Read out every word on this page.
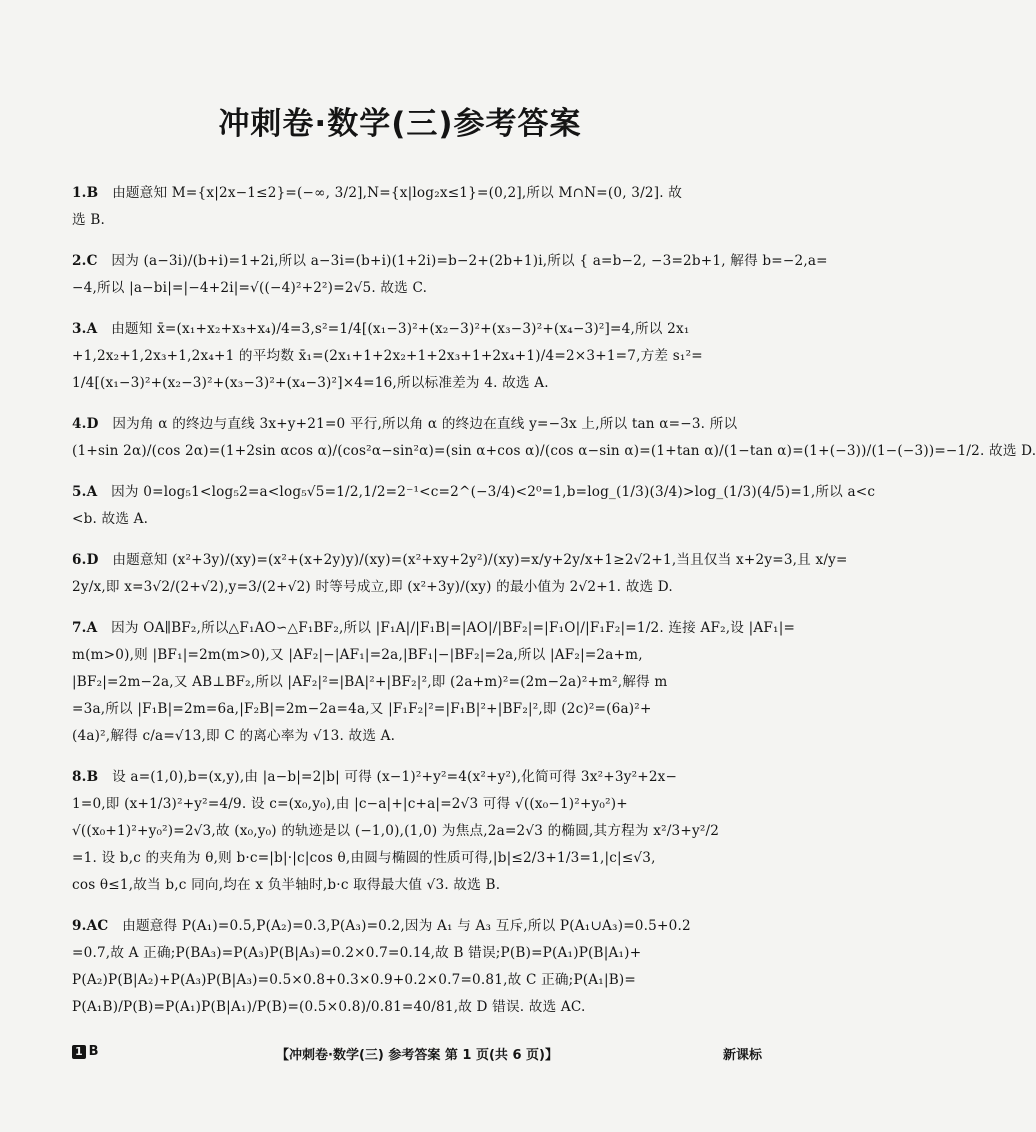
冲刺卷·数学(三)参考答案
1.B  由题意知 M={x|2x−1≤2}=(−∞, 3/2],N={x|log₂x≤1}=(0,2],所以 M∩N=(0, 3/2]. 故
选 B.
2.C  因为 (a−3i)/(b+i)=1+2i,所以 a−3i=(b+i)(1+2i)=b−2+(2b+1)i,所以 { a=b−2, −3=2b+1, 解得 b=−2,a=
−4,所以 |a−bi|=|−4+2i|=√((−4)²+2²)=2√5. 故选 C.
3.A  由题知 x̄=(x₁+x₂+x₃+x₄)/4=3,s²=1/4[(x₁−3)²+(x₂−3)²+(x₃−3)²+(x₄−3)²]=4,所以 2x₁
+1,2x₂+1,2x₃+1,2x₄+1 的平均数 x̄₁=(2x₁+1+2x₂+1+2x₃+1+2x₄+1)/4=2×3+1=7,方差 s₁²=
1/4[(x₁−3)²+(x₂−3)²+(x₃−3)²+(x₄−3)²]×4=16,所以标准差为 4. 故选 A.
4.D  因为角 α 的终边与直线 3x+y+21=0 平行,所以角 α 的终边在直线 y=−3x 上,所以 tan α=−3. 所以
(1+sin 2α)/(cos 2α)=(1+2sin αcos α)/(cos²α−sin²α)=(sin α+cos α)/(cos α−sin α)=(1+tan α)/(1−tan α)=(1+(−3))/(1−(−3))=−1/2. 故选 D.
5.A  因为 0=log₅1<log₅2=a<log₅√5=1/2,1/2=2⁻¹<c=2^(−3/4)<2⁰=1,b=log_(1/3)(3/4)>log_(1/3)(4/5)=1,所以 a<c
<b. 故选 A.
6.D  由题意知 (x²+3y)/(xy)=(x²+(x+2y)y)/(xy)=(x²+xy+2y²)/(xy)=x/y+2y/x+1≥2√2+1,当且仅当 x+2y=3,且 x/y=
2y/x,即 x=3√2/(2+√2),y=3/(2+√2) 时等号成立,即 (x²+3y)/(xy) 的最小值为 2√2+1. 故选 D.
7.A  因为 OA∥BF₂,所以△F₁AO∽△F₁BF₂,所以 |F₁A|/|F₁B|=|AO|/|BF₂|=|F₁O|/|F₁F₂|=1/2. 连接 AF₂,设 |AF₁|=
m(m>0),则 |BF₁|=2m(m>0),又 |AF₂|−|AF₁|=2a,|BF₁|−|BF₂|=2a,所以 |AF₂|=2a+m,
|BF₂|=2m−2a,又 AB⊥BF₂,所以 |AF₂|²=|BA|²+|BF₂|²,即 (2a+m)²=(2m−2a)²+m²,解得 m
=3a,所以 |F₁B|=2m=6a,|F₂B|=2m−2a=4a,又 |F₁F₂|²=|F₁B|²+|BF₂|²,即 (2c)²=(6a)²+
(4a)²,解得 c/a=√13,即 C 的离心率为 √13. 故选 A.
8.B  设 a=(1,0),b=(x,y),由 |a−b|=2|b| 可得 (x−1)²+y²=4(x²+y²),化简可得 3x²+3y²+2x−
1=0,即 (x+1/3)²+y²=4/9. 设 c=(x₀,y₀),由 |c−a|+|c+a|=2√3 可得 √((x₀−1)²+y₀²)+
√((x₀+1)²+y₀²)=2√3,故 (x₀,y₀) 的轨迹是以 (−1,0),(1,0) 为焦点,2a=2√3 的椭圆,其方程为 x²/3+y²/2
=1. 设 b,c 的夹角为 θ,则 b·c=|b|·|c|cos θ,由圆与椭圆的性质可得,|b|≤2/3+1/3=1,|c|≤√3,
cos θ≤1,故当 b,c 同向,均在 x 负半轴时,b·c 取得最大值 √3. 故选 B.
9.AC  由题意得 P(A₁)=0.5,P(A₂)=0.3,P(A₃)=0.2,因为 A₁ 与 A₃ 互斥,所以 P(A₁∪A₃)=0.5+0.2
=0.7,故 A 正确;P(BA₃)=P(A₃)P(B|A₃)=0.2×0.7=0.14,故 B 错误;P(B)=P(A₁)P(B|A₁)+
P(A₂)P(B|A₂)+P(A₃)P(B|A₃)=0.5×0.8+0.3×0.9+0.2×0.7=0.81,故 C 正确;P(A₁|B)=
P(A₁B)/P(B)=P(A₁)P(B|A₁)/P(B)=(0.5×0.8)/0.81=40/81,故 D 错误. 故选 AC.
1 B	【冲刺卷·数学(三) 参考答案 第 1 页(共 6 页)】	新课标
